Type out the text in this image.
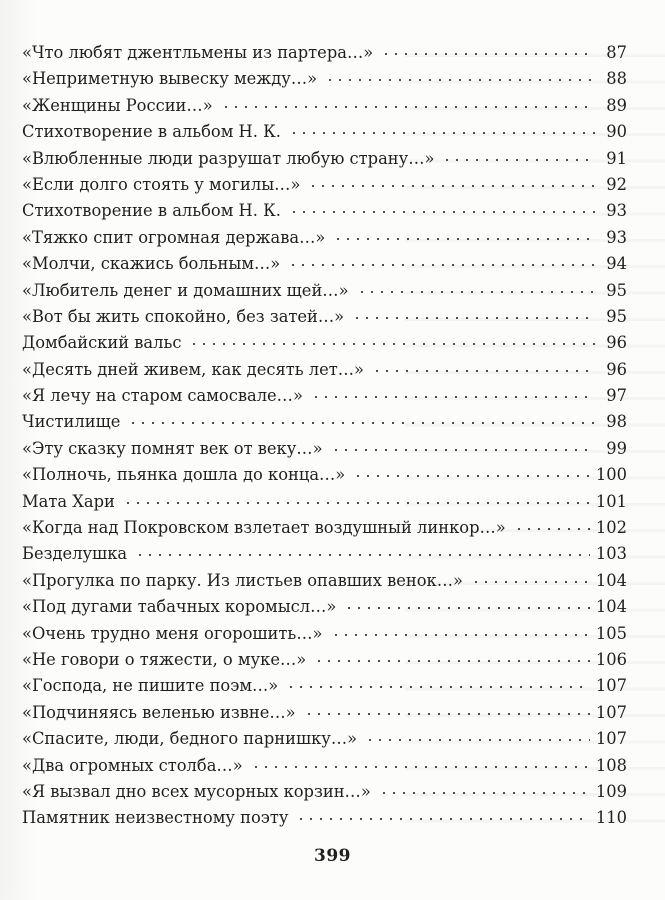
«Что любят джентльмены из партера…»	87
«Неприметную вывеску между…»	88
«Женщины России…»	89
Стихотворение в альбом Н. К.	90
«Влюбленные люди разрушат любую страну…»	91
«Если долго стоять у могилы…»	92
Стихотворение в альбом Н. К.	93
«Тяжко спит огромная держава…»	93
«Молчи, скажись больным…»	94
«Любитель денег и домашних щей…»	95
«Вот бы жить спокойно, без затей…»	95
Домбайский вальс	96
«Десять дней живем, как десять лет…»	96
«Я лечу на старом самосвале…»	97
Чистилище	98
«Эту сказку помнят век от веку…»	99
«Полночь, пьянка дошла до конца…»	100
Мата Хари	101
«Когда над Покровском взлетает воздушный линкор…»	102
Безделушка	103
«Прогулка по парку. Из листьев опавших венок…»	104
«Под дугами табачных коромысл…»	104
«Очень трудно меня огорошить…»	105
«Не говори о тяжести, о муке…»	106
«Господа, не пишите поэм…»	107
«Подчиняясь веленью извне…»	107
«Спасите, люди, бедного парнишку…»	107
«Два огромных столба…»	108
«Я вызвал дно всех мусорных корзин…»	109
Памятник неизвестному поэту	110
399
